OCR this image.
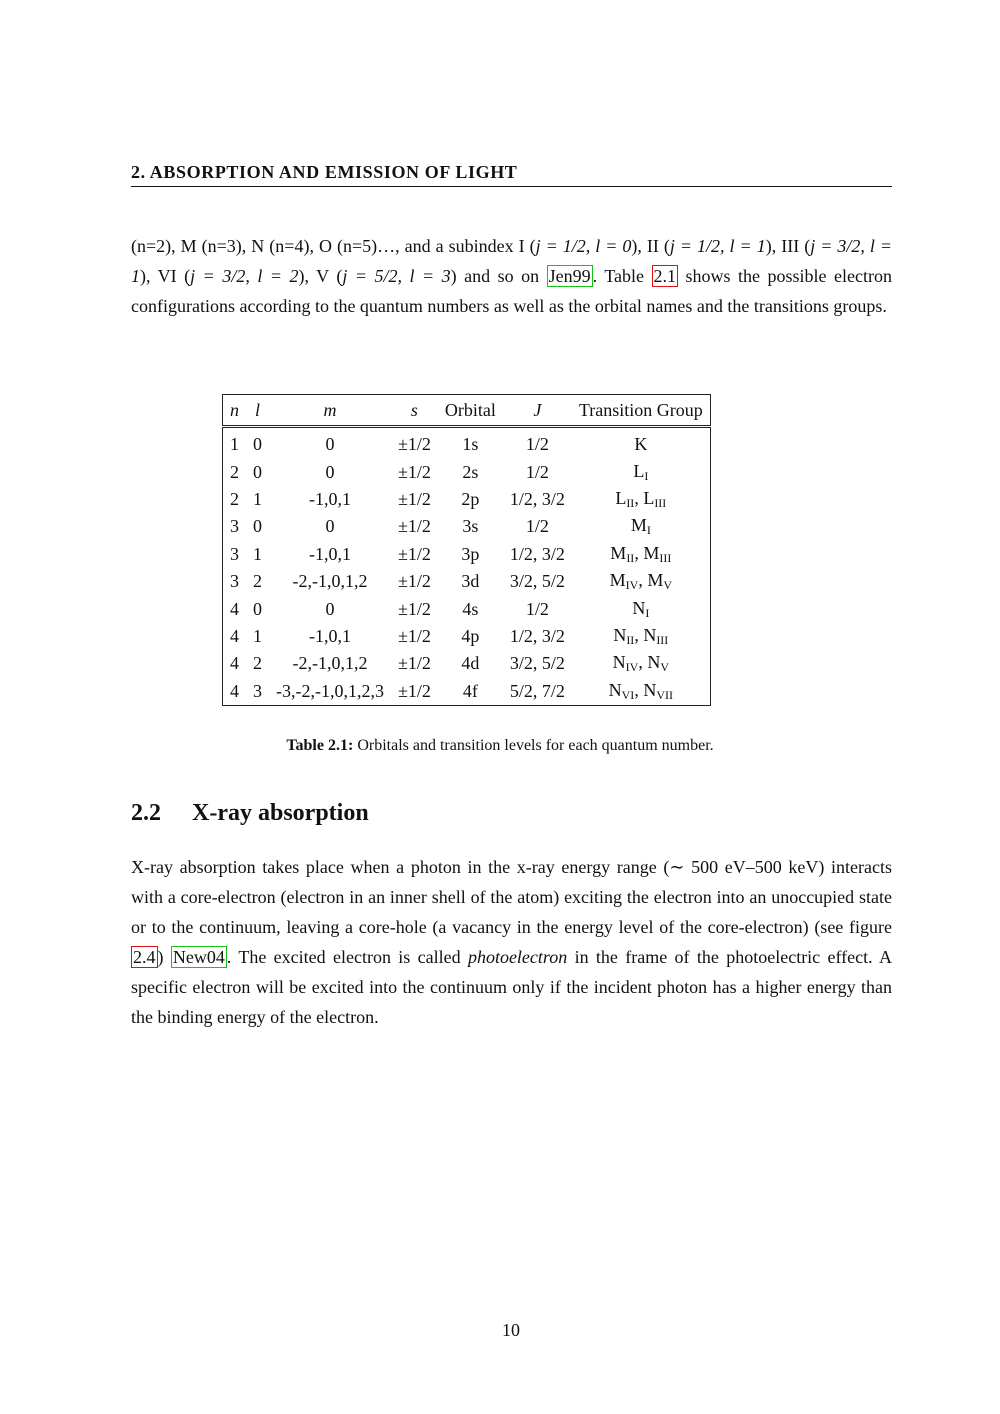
2. ABSORPTION AND EMISSION OF LIGHT
(n=2), M (n=3), N (n=4), O (n=5)…, and a subindex I (j = 1/2, l = 0), II (j = 1/2, l = 1), III (j = 3/2, l = 1), VI (j = 3/2, l = 2), V (j = 5/2, l = 3) and so on Jen99 . Table 2.1 shows the possible electron configurations according to the quantum numbers as well as the orbital names and the transitions groups.
n	l	m	s	Orbital	J	Transition Group
1	0	0	±1/2	1s	1/2	K
2	0	0	±1/2	2s	1/2	$L_I$
2	1	-1,0,1	±1/2	2p	1/2, 3/2	$L_{II}$, $L_{III}$
3	0	0	±1/2	3s	1/2	$M_I$
3	1	-1,0,1	±1/2	3p	1/2, 3/2	$M_{II}$, $M_{III}$
3	2	-2,-1,0,1,2	±1/2	3d	3/2, 5/2	$M_{IV}$, $M_V$
4	0	0	±1/2	4s	1/2	$N_I$
4	1	-1,0,1	±1/2	4p	1/2, 3/2	$N_{II}$, $N_{III}$
4	2	-2,-1,0,1,2	±1/2	4d	3/2, 5/2	$N_{IV}$, $N_V$
4	3	-3,-2,-1,0,1,2,3	±1/2	4f	5/2, 7/2	$N_{VI}$, $N_{VII}$
Table 2.1: Orbitals and transition levels for each quantum number.
2.2 X-ray absorption
X-ray absorption takes place when a photon in the x-ray energy range (∼ 500 eV–500 keV) interacts with a core-electron (electron in an inner shell of the atom) exciting the electron into an unoccupied state or to the continuum, leaving a core-hole (a vacancy in the energy level of the core-electron) (see figure 2.4 ) New04 . The excited electron is called photoelectron in the frame of the photoelectric effect. A specific electron will be excited into the continuum only if the incident photon has a higher energy than the binding energy of the electron.
10
